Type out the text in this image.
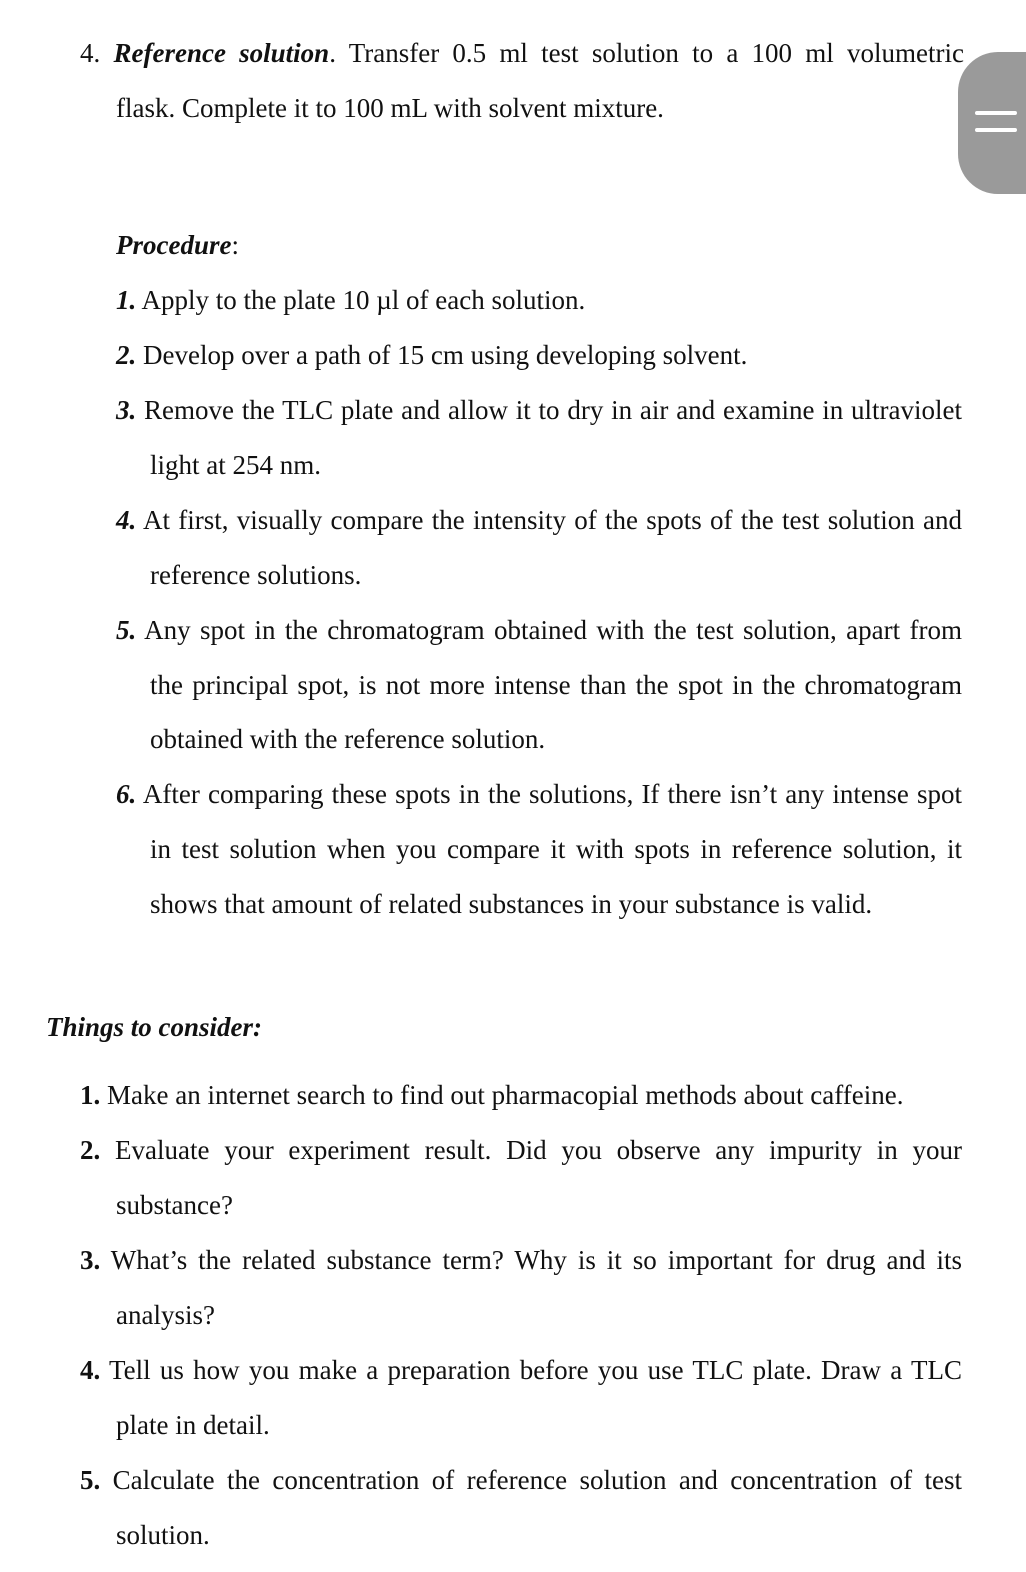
4. Reference solution. Transfer 0.5 ml test solution to a 100 ml volumetric
flask. Complete it to 100 mL with solvent mixture.
Procedure:
1. Apply to the plate 10 µl of each solution.
2. Develop over a path of 15 cm using developing solvent.
3. Remove the TLC plate and allow it to dry in air and examine in ultraviolet
light at 254 nm.
4. At first, visually compare the intensity of the spots of the test solution and
reference solutions.
5. Any spot in the chromatogram obtained with the test solution, apart from
the principal spot, is not more intense than the spot in the chromatogram
obtained with the reference solution.
6. After comparing these spots in the solutions, If there isn’t any intense spot
in test solution when you compare it with spots in reference solution, it
shows that amount of related substances in your substance is valid.
Things to consider:
1. Make an internet search to find out pharmacopial methods about caffeine.
2. Evaluate your experiment result. Did you observe any impurity in your
substance?
3. What’s the related substance term? Why is it so important for drug and its
analysis?
4. Tell us how you make a preparation before you use TLC plate. Draw a TLC
plate in detail.
5. Calculate the concentration of reference solution and concentration of test
solution.
